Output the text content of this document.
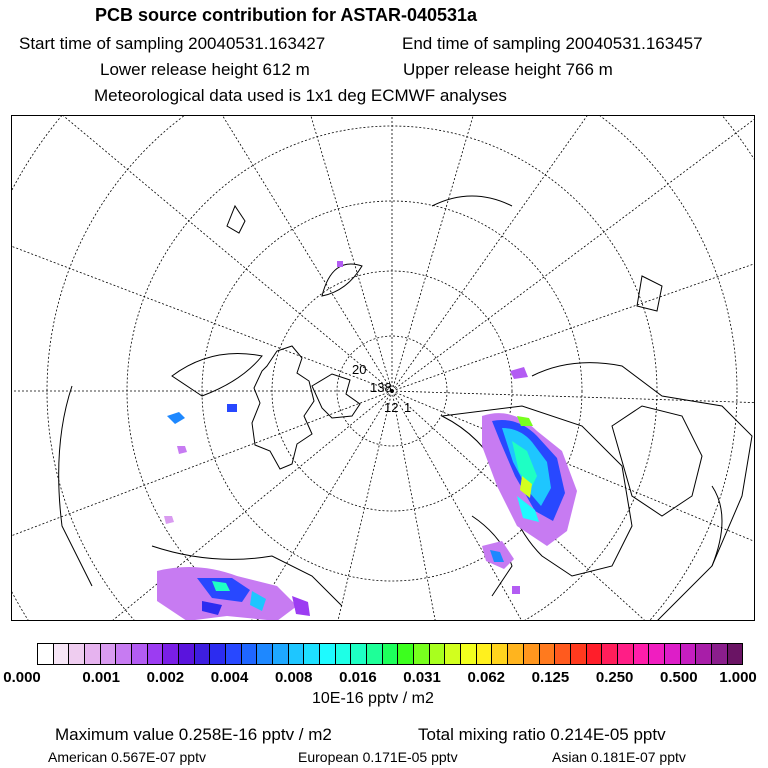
PCB source contribution for ASTAR-040531a
Start time of sampling 20040531.163427	End time of sampling 20040531.163457
Lower release height 612 m	Upper release height 766 m
Meteorological data used is 1x1 deg ECMWF analyses
20
138
12 1
0.000	0.001 0.002 0.004 0.008 0.016 0.031 0.062 0.125 0.250 0.500 1.000
10E-16 pptv / m2
Maximum value 0.258E-16 pptv / m2	Total mixing ratio 0.214E-05 pptv
American 0.567E-07 pptv	European 0.171E-05 pptv	Asian 0.181E-07 pptv
